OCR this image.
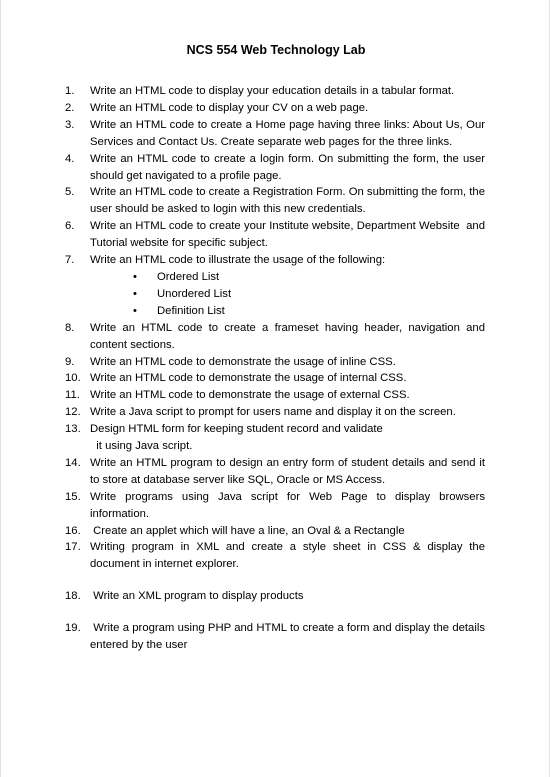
NCS 554 Web Technology Lab
1.	Write an HTML code to display your education details in a tabular format.
2.	Write an HTML code to display your CV on a web page.
3.	Write an HTML code to create a Home page having three links: About Us, Our Services and Contact Us. Create separate web pages for the three links.
4.	Write an HTML code to create a login form. On submitting the form, the user should get navigated to a profile page.
5.	Write an HTML code to create a Registration Form. On submitting the form, the user should be asked to login with this new credentials.
6.	Write an HTML code to create your Institute website, Department Website  and Tutorial website for specific subject.
7.	Write an HTML code to illustrate the usage of the following:
• Ordered List
• Unordered List
• Definition List
8.	Write an HTML code to create a frameset having header, navigation and content sections.
9.	Write an HTML code to demonstrate the usage of inline CSS.
10. Write an HTML code to demonstrate the usage of internal CSS.
11. Write an HTML code to demonstrate the usage of external CSS.
12. Write a Java script to prompt for users name and display it on the screen.
13. Design HTML form for keeping student record and validate
it using Java script.
14. Write an HTML program to design an entry form of student details and send it to store at database server like SQL, Oracle or MS Access.
15. Write programs using Java script for Web Page to display browsers information.
16. Create an applet which will have a line, an Oval & a Rectangle
17. Writing program in XML and create a style sheet in CSS & display the document in internet explorer.
18. Write an XML program to display products
19. Write a program using PHP and HTML to create a form and display the details entered by the user
